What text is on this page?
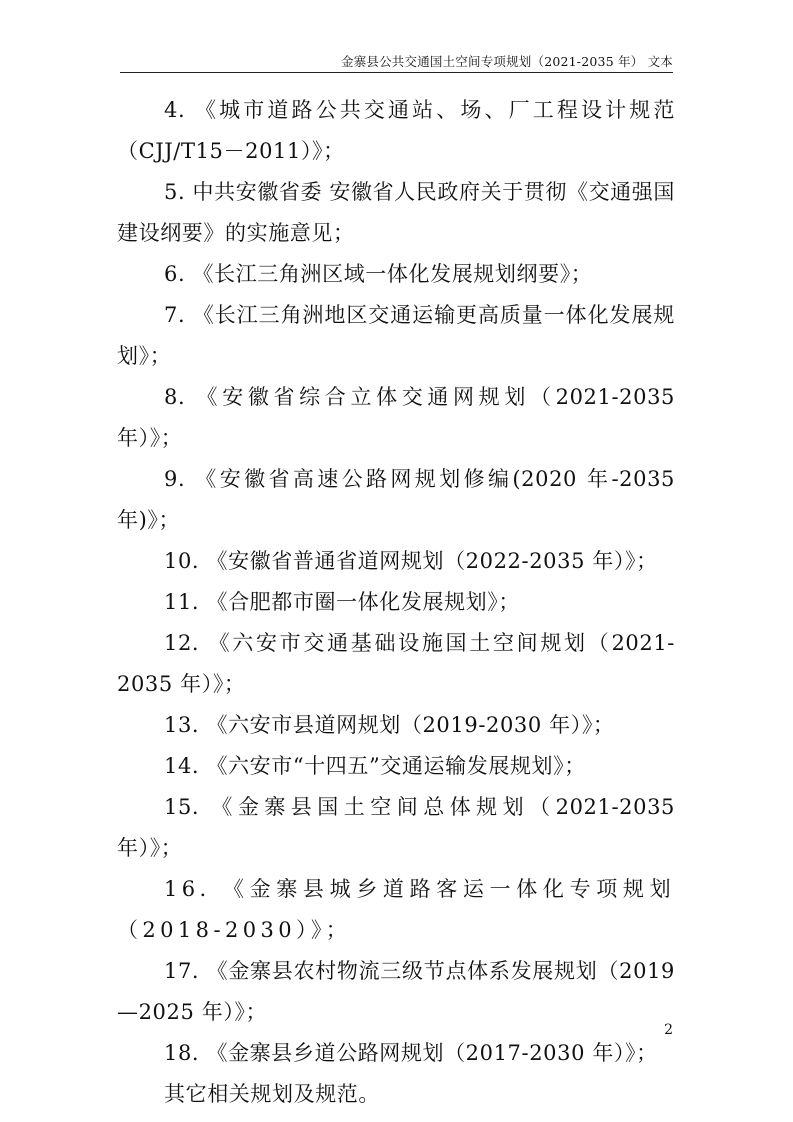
金寨县公共交通国土空间专项规划（2021-2035 年） 文本

4. 《城市道路公共交通站、场、厂工程设计规范（CJJ/T15－2011）》；

5. 中共安徽省委 安徽省人民政府关于贯彻《交通强国建设纲要》的实施意见；

6. 《长江三角洲区域一体化发展规划纲要》；

7. 《长江三角洲地区交通运输更高质量一体化发展规划》；

8. 《安徽省综合立体交通网规划（2021-2035 年）》；

9. 《安徽省高速公路网规划修编(2020 年-2035 年)》；

10. 《安徽省普通省道网规划（2022-2035 年）》；

11. 《合肥都市圈一体化发展规划》；

12. 《六安市交通基础设施国土空间规划（2021-2035 年）》；

13. 《六安市县道网规划（2019-2030 年）》；

14. 《六安市“十四五”交通运输发展规划》；

15. 《金寨县国土空间总体规划（2021-2035 年）》；

16. 《金寨县城乡道路客运一体化专项规划（2018-2030）》；

17. 《金寨县农村物流三级节点体系发展规划（2019—2025 年）》；

18. 《金寨县乡道公路网规划（2017-2030 年）》；

其它相关规划及规范。

2
